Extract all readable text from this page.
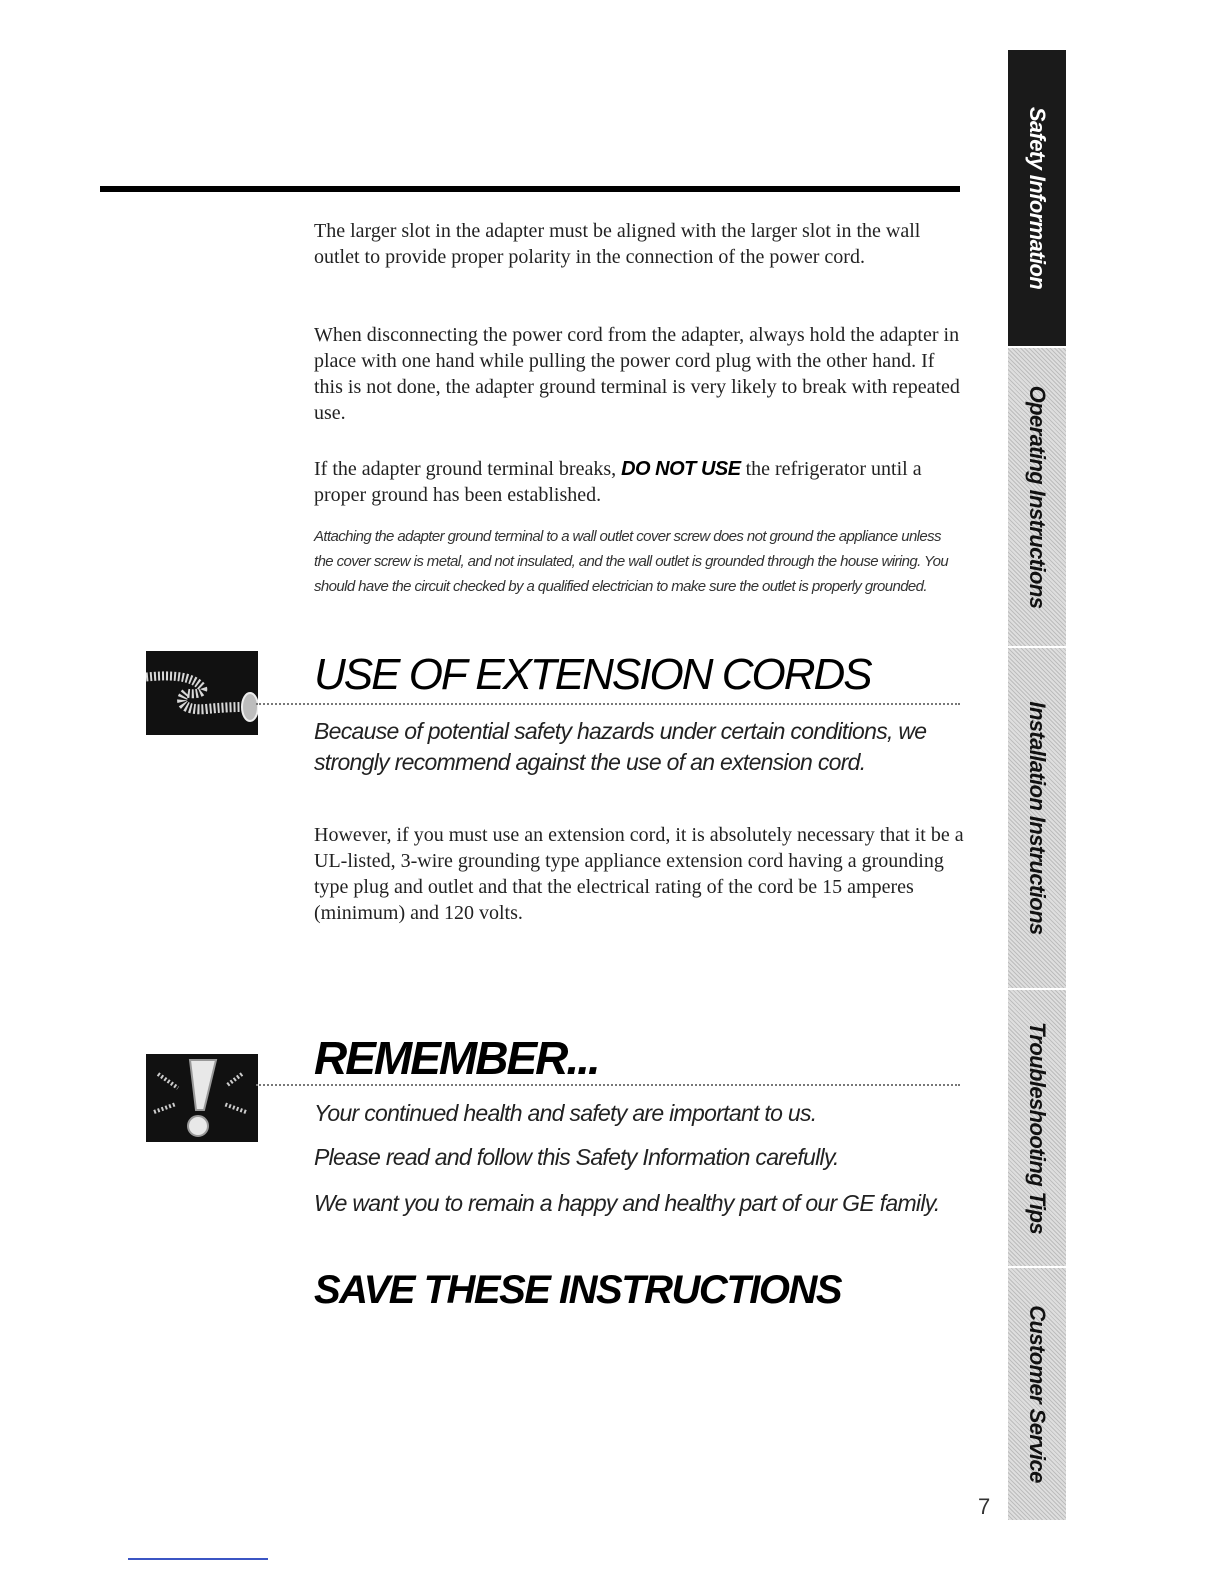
The larger slot in the adapter must be aligned with the larger slot in the wall outlet to provide proper polarity in the connection of the power cord.

When disconnecting the power cord from the adapter, always hold the adapter in place with one hand while pulling the power cord plug with the other hand. If this is not done, the adapter ground terminal is very likely to break with repeated use.

If the adapter ground terminal breaks, DO NOT USE the refrigerator until a proper ground has been established.

Attaching the adapter ground terminal to a wall outlet cover screw does not ground the appliance unless the cover screw is metal, and not insulated, and the wall outlet is grounded through the house wiring. You should have the circuit checked by a qualified electrician to make sure the outlet is properly grounded.

USE OF EXTENSION CORDS

Because of potential safety hazards under certain conditions, we strongly recommend against the use of an extension cord.

However, if you must use an extension cord, it is absolutely necessary that it be a UL-listed, 3-wire grounding type appliance extension cord having a grounding type plug and outlet and that the electrical rating of the cord be 15 amperes (minimum) and 120 volts.

REMEMBER...

Your continued health and safety are important to us.

Please read and follow this Safety Information carefully.

We want you to remain a happy and healthy part of our GE family.

SAVE THESE INSTRUCTIONS
Safety Information
Operating Instructions
Installation Instructions
Troubleshooting Tips
Customer Service

7
